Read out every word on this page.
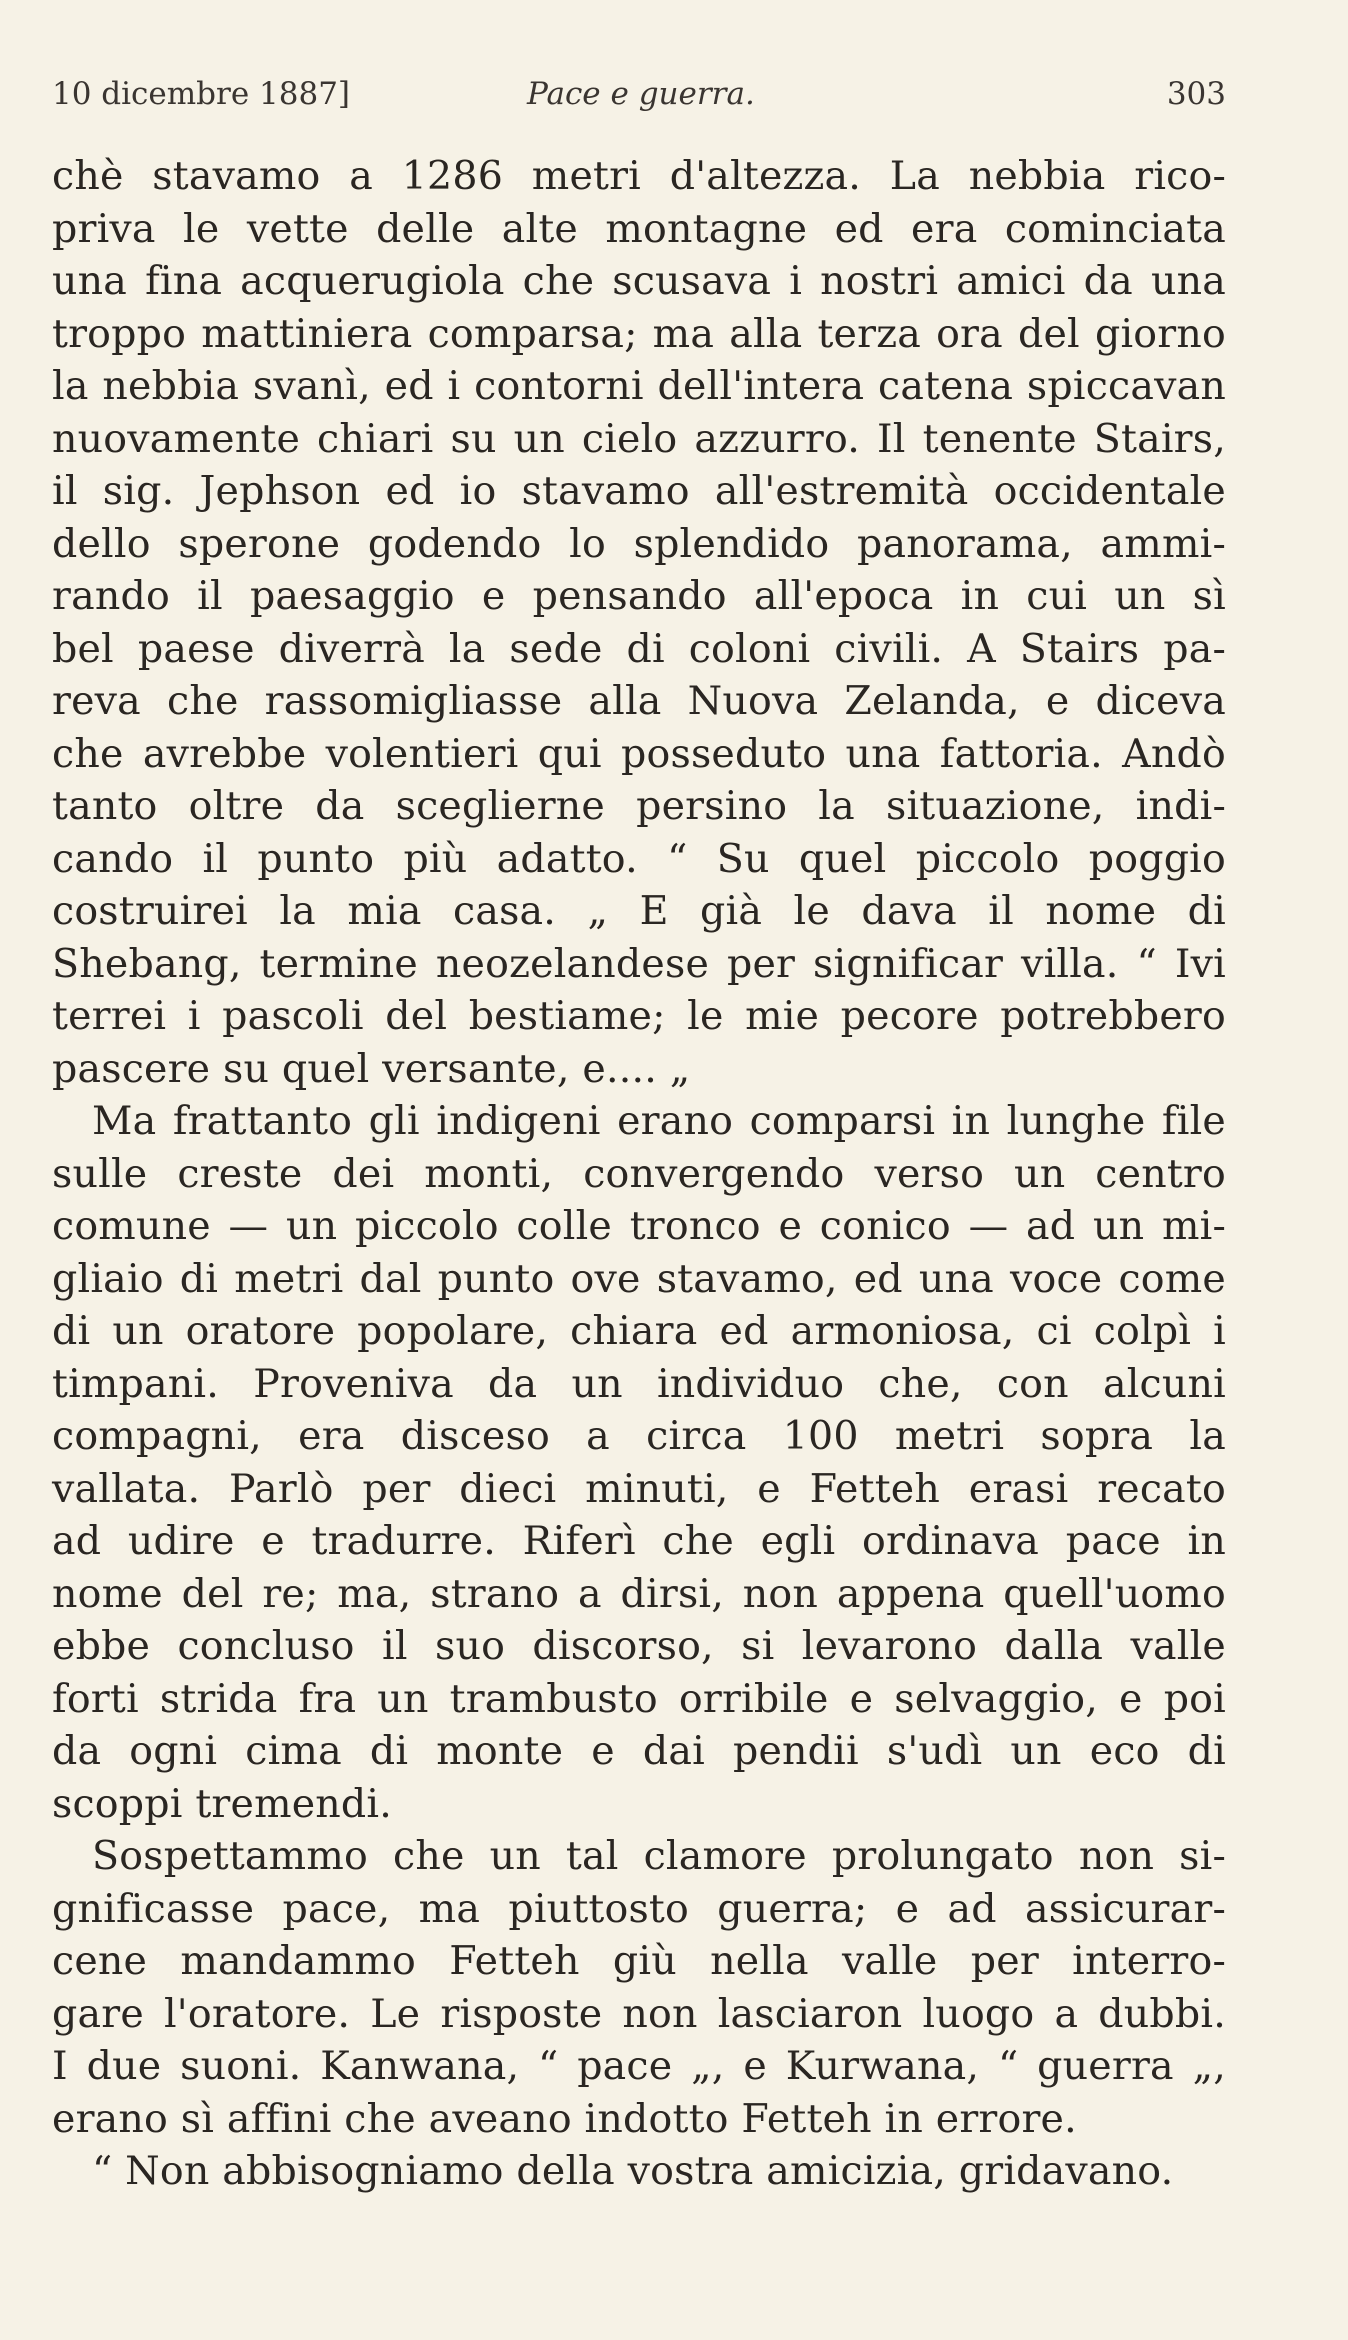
10 dicembre 1887]	Pace e guerra.	303
chè stavamo a 1286 metri d'altezza. La nebbia rico-
priva le vette delle alte montagne ed era cominciata
una fina acquerugiola che scusava i nostri amici da una
troppo mattiniera comparsa; ma alla terza ora del giorno
la nebbia svanì, ed i contorni dell'intera catena spiccavan
nuovamente chiari su un cielo azzurro. Il tenente Stairs,
il sig. Jephson ed io stavamo all'estremità occidentale
dello sperone godendo lo splendido panorama, ammi-
rando il paesaggio e pensando all'epoca in cui un sì
bel paese diverrà la sede di coloni civili. A Stairs pa-
reva che rassomigliasse alla Nuova Zelanda, e diceva
che avrebbe volentieri qui posseduto una fattoria. Andò
tanto oltre da sceglierne persino la situazione, indi-
cando il punto più adatto. “ Su quel piccolo poggio
costruirei la mia casa. „ E già le dava il nome di
Shebang, termine neozelandese per significar villa. “ Ivi
terrei i pascoli del bestiame; le mie pecore potrebbero
pascere su quel versante, e.... „
Ma frattanto gli indigeni erano comparsi in lunghe file
sulle creste dei monti, convergendo verso un centro
comune — un piccolo colle tronco e conico — ad un mi-
gliaio di metri dal punto ove stavamo, ed una voce come
di un oratore popolare, chiara ed armoniosa, ci colpì i
timpani. Proveniva da un individuo che, con alcuni
compagni, era disceso a circa 100 metri sopra la
vallata. Parlò per dieci minuti, e Fetteh erasi recato
ad udire e tradurre. Riferì che egli ordinava pace in
nome del re; ma, strano a dirsi, non appena quell'uomo
ebbe concluso il suo discorso, si levarono dalla valle
forti strida fra un trambusto orribile e selvaggio, e poi
da ogni cima di monte e dai pendii s'udì un eco di
scoppi tremendi.
Sospettammo che un tal clamore prolungato non si-
gnificasse pace, ma piuttosto guerra; e ad assicurar-
cene mandammo Fetteh giù nella valle per interro-
gare l'oratore. Le risposte non lasciaron luogo a dubbi.
I due suoni. Kanwana, “ pace „, e Kurwana, “ guerra „,
erano sì affini che aveano indotto Fetteh in errore.
“ Non abbisogniamo della vostra amicizia, gridavano.
